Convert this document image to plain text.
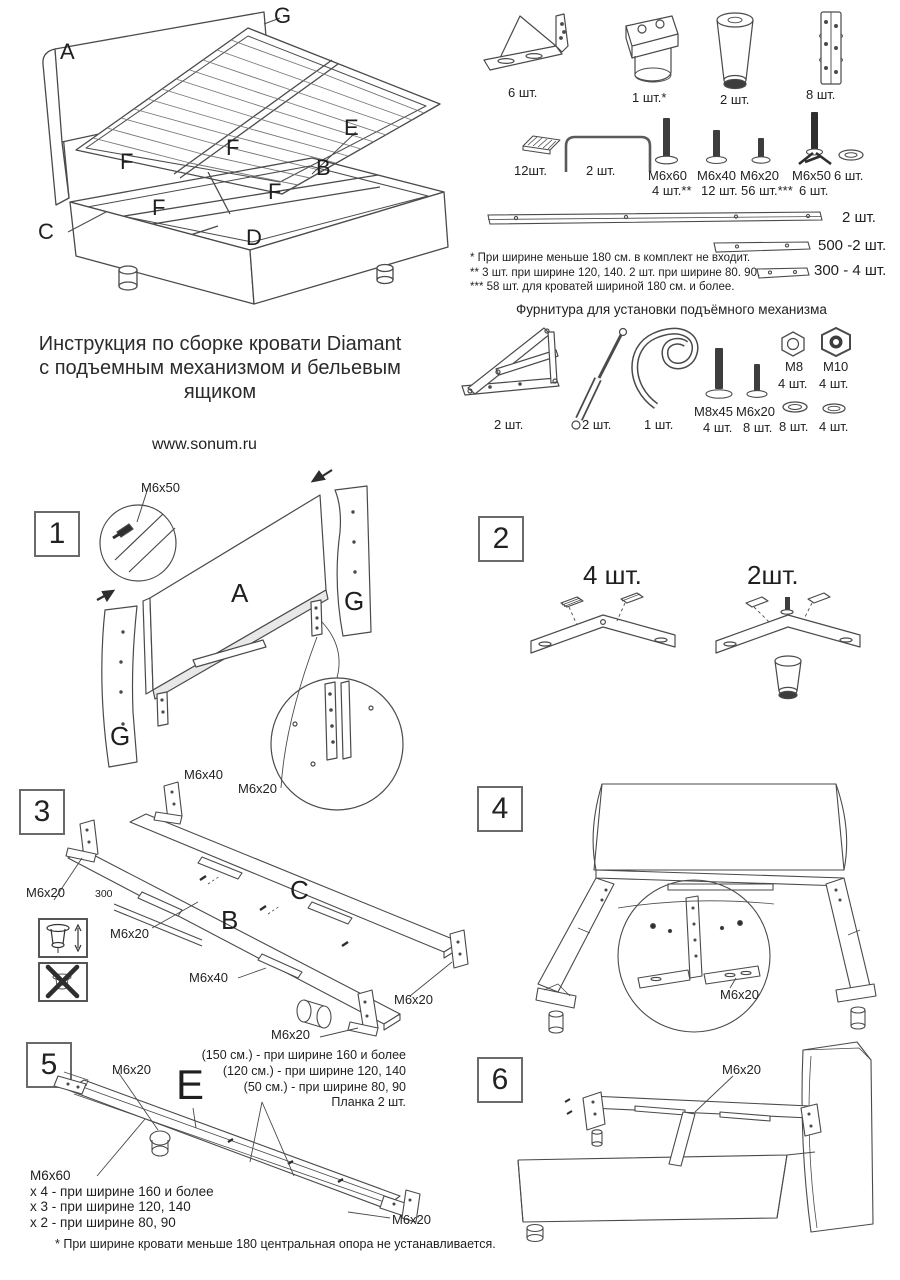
G
A
E
F
F	B
F
F
C	D
6 шт.	1 шт.*	2 шт.	8 шт.
12шт.	2 шт.	M6x60
4 шт.**
M6x40
12 шт.
M6x20
56 шт.***
M6x50
6 шт.
6 шт.
2 шт.
500 -2 шт.
300 - 4 шт.
* При ширине меньше 180 см. в комплект не входит.
** 3 шт. при ширине 120, 140. 2 шт. при ширине 80. 90.
*** 58 шт. для кроватей шириной 180 см. и более.
Фурнитура для установки подъёмного механизма
2 шт.	2 шт.	1 шт.
M8x45
4 шт.
M6x20
8 шт.
M8
4 шт.
M10
4 шт.
8 шт. 4 шт.
Инструкция по сборке кровати Diamant
с подъемным механизмом и бельевым ящиком
www.sonum.ru
1
M6x50
A	G
G
M6x40
M6x20
2
4 шт.	2шт.
3
M6x20	300
M6x20	B
C
M6x40
M6x20
M6x20
4
M6x20
5	M6x20 E
(150 см.) - при ширине 160 и более
(120 см.) - при ширине 120, 140
(50 см.) - при ширине 80, 90
Планка 2 шт.
M6x60
x 4 - при ширине 160 и более
x 3 - при ширине 120, 140
x 2 - при ширине 80, 90	M6x20
* При ширине кровати меньше 180 центральная опора не устанавливается.
6	M6x20
